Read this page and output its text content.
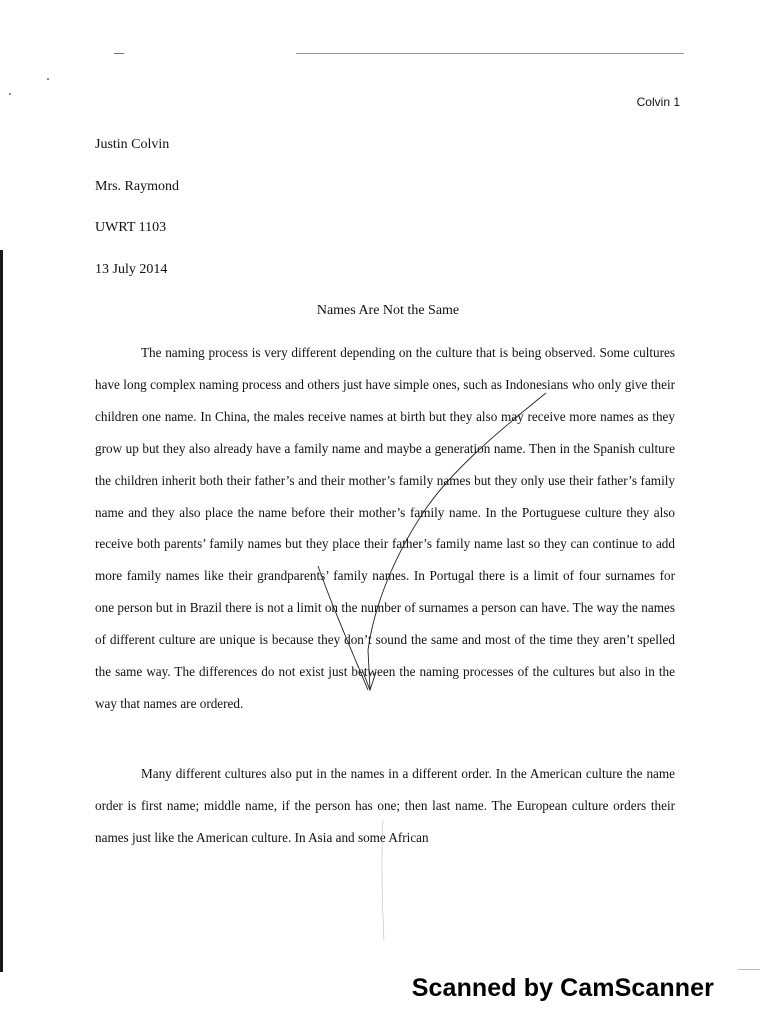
Colvin 1
Justin Colvin
Mrs. Raymond
UWRT 1103
13 July 2014
Names Are Not the Same

The naming process is very different depending on the culture that is being observed. Some cultures have long complex naming process and others just have simple ones, such as Indonesians who only give their children one name. In China, the males receive names at birth but they also may receive more names as they grow up but they also already have a family name and maybe a generation name. Then in the Spanish culture the children inherit both their father’s and their mother’s family names but they only use their father’s family name and they also place the name before their mother’s family name. In the Portuguese culture they also receive both parents’ family names but they place their father’s family name last so they can continue to add more family names like their grandparents’ family names. In Portugal there is a limit of four surnames for one person but in Brazil there is not a limit on the number of surnames a person can have. The way the names of different culture are unique is because they don’t sound the same and most of the time they aren’t spelled the same way. The differences do not exist just between the naming processes of the cultures but also in the way that names are ordered.

Many different cultures also put in the names in a different order. In the American culture the name order is first name; middle name, if the person has one; then last name. The European culture orders their names just like the American culture. In Asia and some African

Scanned by CamScanner
